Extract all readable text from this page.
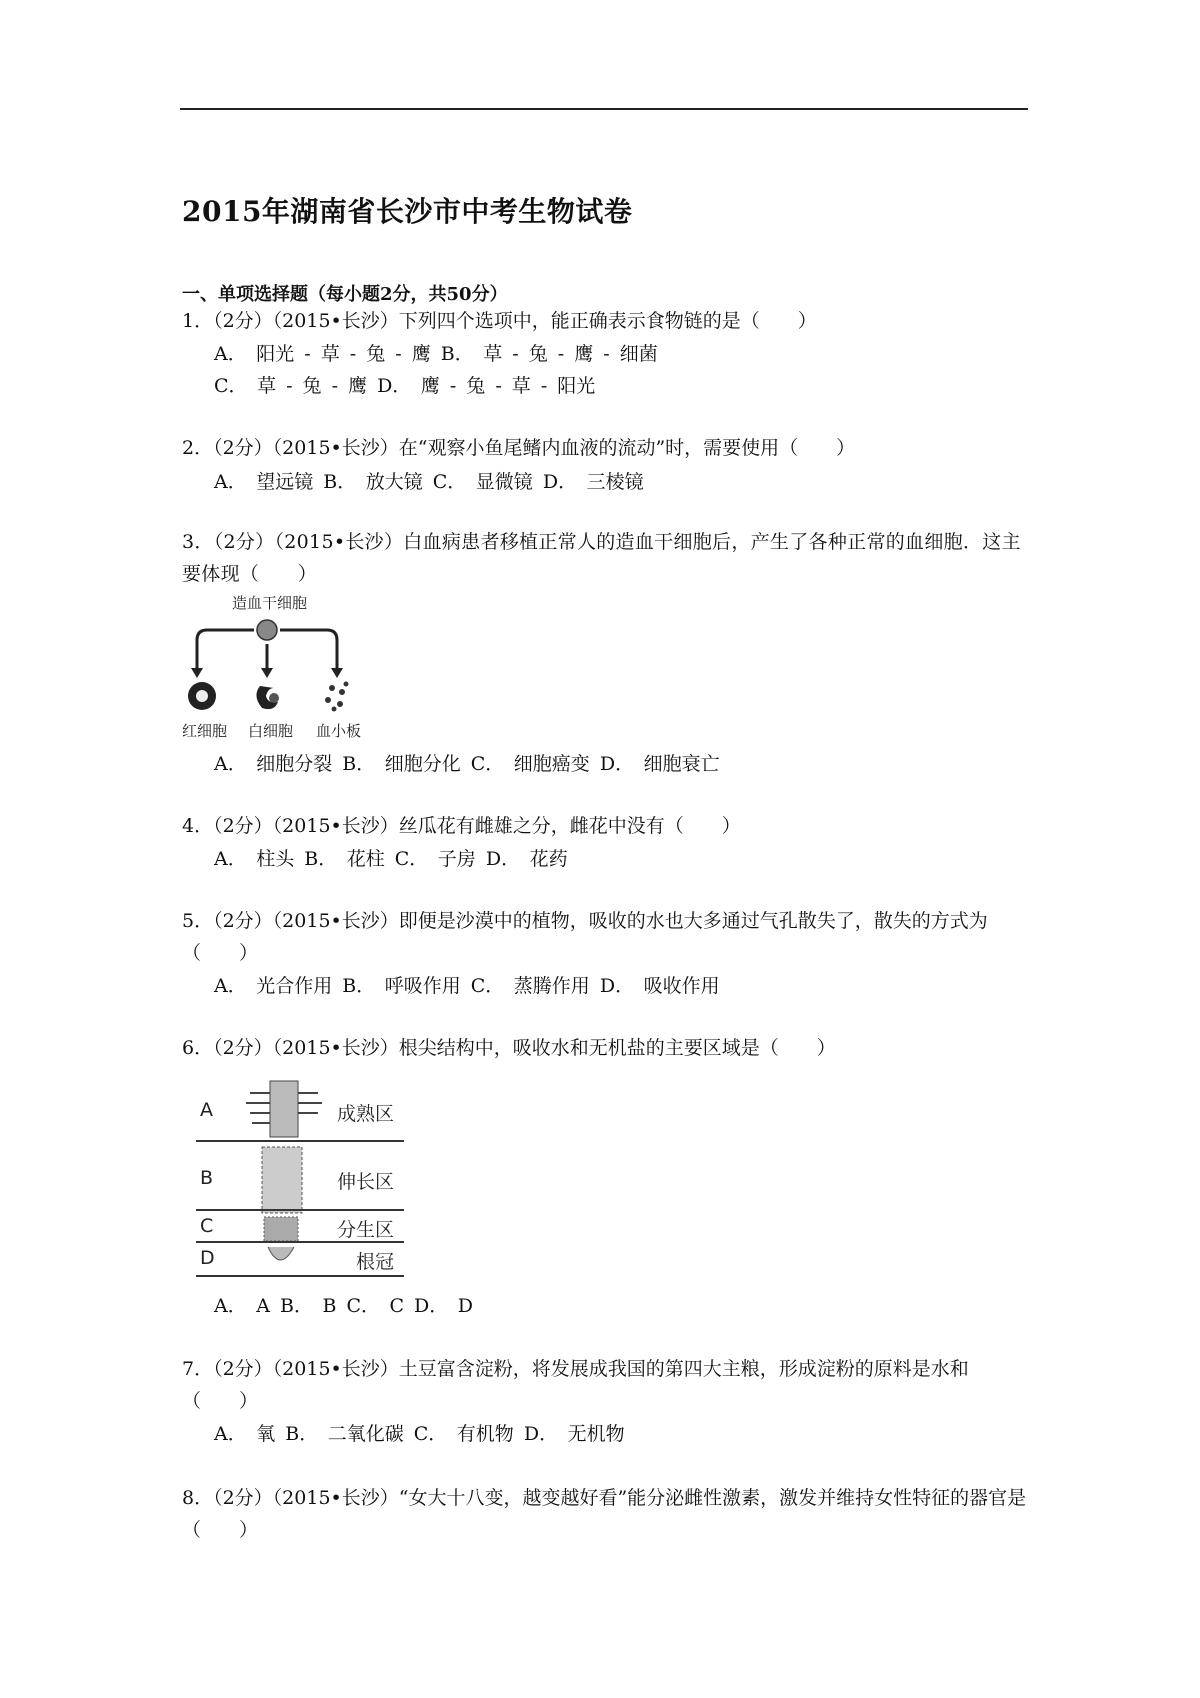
2015年湖南省长沙市中考生物试卷
一、单项选择题（每小题2分，共50分）
1．（2分）（2015•长沙）下列四个选项中，能正确表示食物链的是（　　）
A．　阳光 - 草 - 兔 - 鹰 B．　草 - 兔 - 鹰 - 细菌
C．　草 - 兔 - 鹰 D．　鹰 - 兔 - 草 - 阳光
2．（2分）（2015•长沙）在“观察小鱼尾鳍内血液的流动”时，需要使用（　　）
A．　望远镜 B．　放大镜 C．　显微镜 D．　三棱镜
3．（2分）（2015•长沙）白血病患者移植正常人的造血干细胞后，产生了各种正常的血细胞．这主要体现（　　）
造血干细胞
红细胞 白细胞 血小板
A．　细胞分裂 B．　细胞分化 C．　细胞癌变 D．　细胞衰亡
4．（2分）（2015•长沙）丝瓜花有雌雄之分，雌花中没有（　　）
A．　柱头 B．　花柱 C．　子房 D．　花药
5．（2分）（2015•长沙）即便是沙漠中的植物，吸收的水也大多通过气孔散失了，散失的方式为（　　）
A．　光合作用 B．　呼吸作用 C．　蒸腾作用 D．　吸收作用
6．（2分）（2015•长沙）根尖结构中，吸收水和无机盐的主要区域是（　　）
A	成熟区
B	伸长区
C	分生区
D	根冠
A．　A B．　B C．　C D．　D
7．（2分）（2015•长沙）土豆富含淀粉，将发展成我国的第四大主粮，形成淀粉的原料是水和（　　）
A．　氧 B．　二氧化碳 C．　有机物 D．　无机物
8．（2分）（2015•长沙）“女大十八变，越变越好看”能分泌雌性激素，激发并维持女性特征的器官是（　　）
